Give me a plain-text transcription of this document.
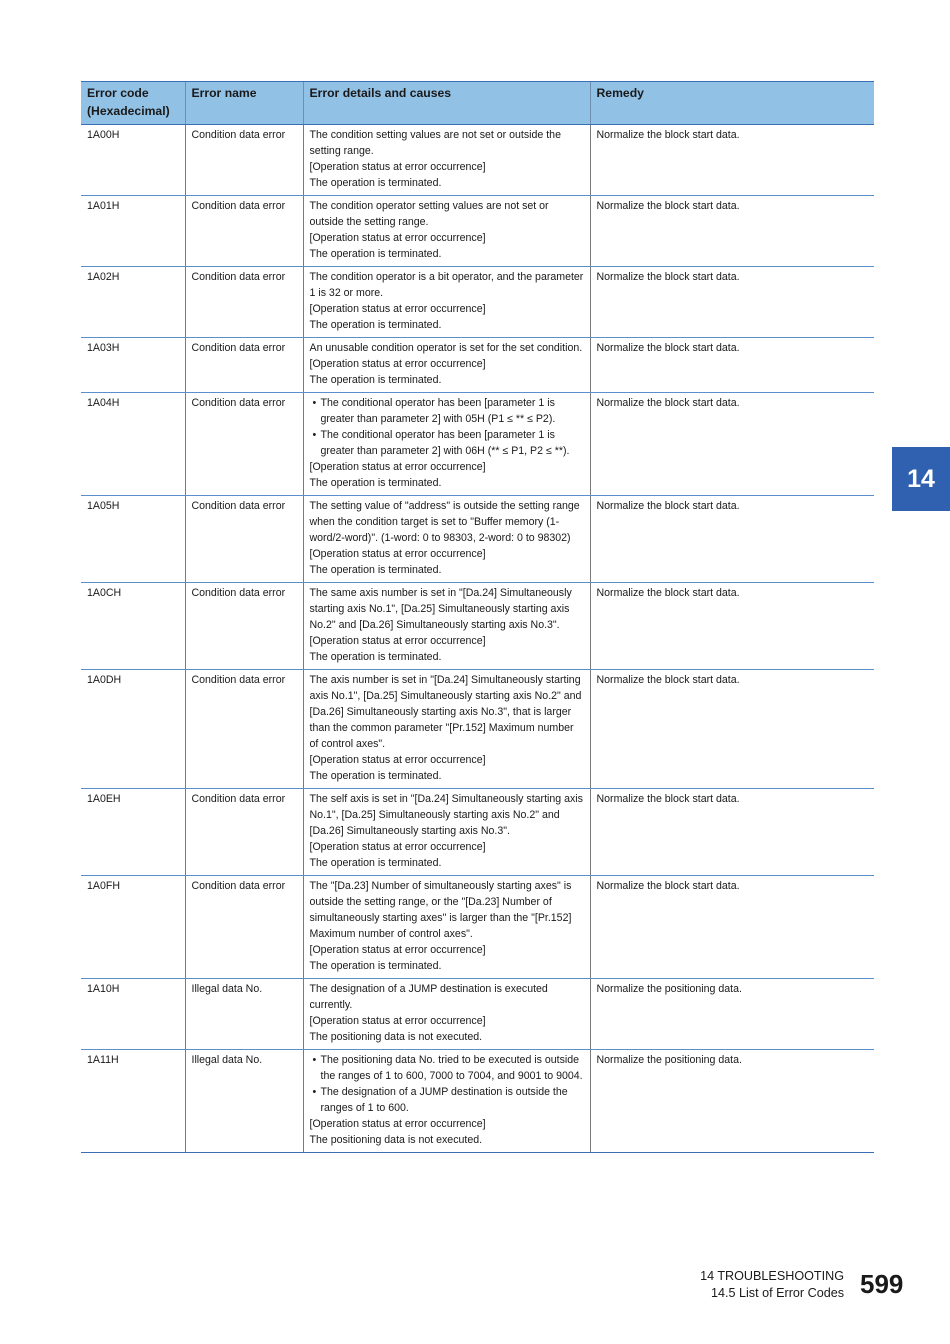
Error code (Hexadecimal)	Error name	Error details and causes	Remedy
1A00H	Condition data error	The condition setting values are not set or outside the setting range.
[Operation status at error occurrence]
The operation is terminated.	Normalize the block start data.
1A01H	Condition data error	The condition operator setting values are not set or outside the setting range.
[Operation status at error occurrence]
The operation is terminated.	Normalize the block start data.
1A02H	Condition data error	The condition operator is a bit operator, and the parameter 1 is 32 or more.
[Operation status at error occurrence]
The operation is terminated.	Normalize the block start data.
1A03H	Condition data error	An unusable condition operator is set for the set condition.
[Operation status at error occurrence]
The operation is terminated.	Normalize the block start data.
1A04H	Condition data error	• The conditional operator has been [parameter 1 is greater than parameter 2] with 05H (P1 ≤ ** ≤ P2).
• The conditional operator has been [parameter 1 is greater than parameter 2] with 06H (** ≤ P1, P2 ≤ **).
[Operation status at error occurrence]
The operation is terminated.	Normalize the block start data.
1A05H	Condition data error	The setting value of "address" is outside the setting range when the condition target is set to "Buffer memory (1-word/2-word)". (1-word: 0 to 98303, 2-word: 0 to 98302)
[Operation status at error occurrence]
The operation is terminated.	Normalize the block start data.
1A0CH	Condition data error	The same axis number is set in "[Da.24] Simultaneously starting axis No.1", [Da.25] Simultaneously starting axis No.2" and [Da.26] Simultaneously starting axis No.3".
[Operation status at error occurrence]
The operation is terminated.	Normalize the block start data.
1A0DH	Condition data error	The axis number is set in "[Da.24] Simultaneously starting axis No.1", [Da.25] Simultaneously starting axis No.2" and [Da.26] Simultaneously starting axis No.3", that is larger than the common parameter "[Pr.152] Maximum number of control axes".
[Operation status at error occurrence]
The operation is terminated.	Normalize the block start data.
1A0EH	Condition data error	The self axis is set in "[Da.24] Simultaneously starting axis No.1", [Da.25] Simultaneously starting axis No.2" and [Da.26] Simultaneously starting axis No.3".
[Operation status at error occurrence]
The operation is terminated.	Normalize the block start data.
1A0FH	Condition data error	The "[Da.23] Number of simultaneously starting axes" is outside the setting range, or the "[Da.23] Number of simultaneously starting axes" is larger than the "[Pr.152] Maximum number of control axes".
[Operation status at error occurrence]
The operation is terminated.	Normalize the block start data.
1A10H	Illegal data No.	The designation of a JUMP destination is executed currently.
[Operation status at error occurrence]
The positioning data is not executed.	Normalize the positioning data.
1A11H	Illegal data No.	• The positioning data No. tried to be executed is outside the ranges of 1 to 600, 7000 to 7004, and 9001 to 9004.
• The designation of a JUMP destination is outside the ranges of 1 to 600.
[Operation status at error occurrence]
The positioning data is not executed.	Normalize the positioning data.
14
14 TROUBLESHOOTING
14.5 List of Error Codes 599
